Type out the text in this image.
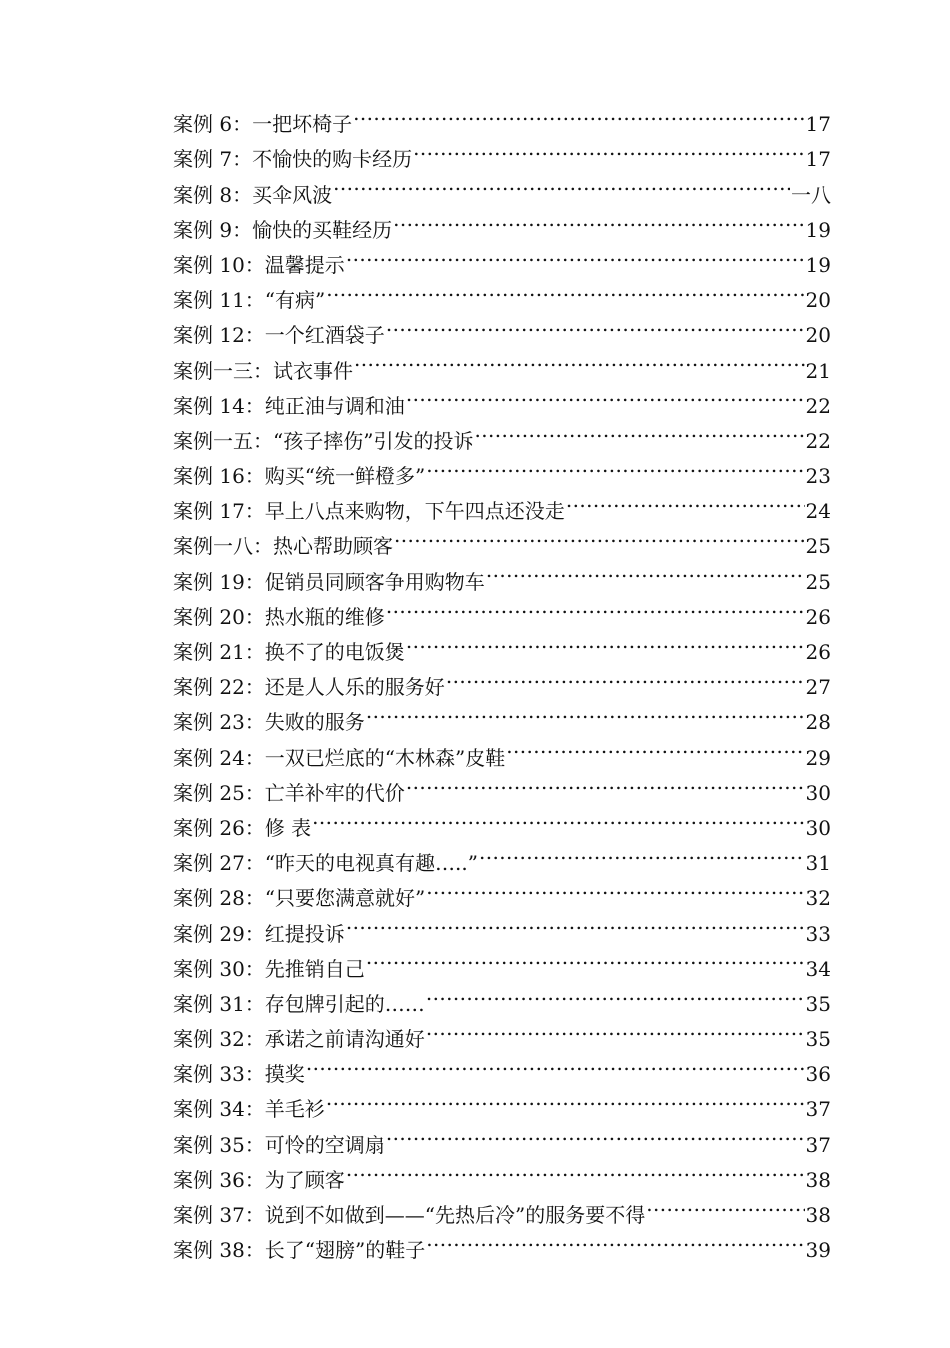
案例 6：一把坏椅子 .....	17
案例 7：不愉快的购卡经历 .....	17
案例 8：买伞风波 .....	一八
案例 9：愉快的买鞋经历 .....	19
案例 10：温馨提示 .....	19
案例 11：“有病” .....	20
案例 12：一个红酒袋子 .....	20
案例一三：试衣事件 .....	21
案例 14：纯正油与调和油 .....	22
案例一五：“孩子摔伤”引发的投诉 .....	22
案例 16：购买“统一鲜橙多” .....	23
案例 17：早上八点来购物，下午四点还没走 .....	24
案例一八：热心帮助顾客 .....	25
案例 19：促销员同顾客争用购物车 .....	25
案例 20：热水瓶的维修 .....	26
案例 21：换不了的电饭煲 .....	26
案例 22：还是人人乐的服务好 .....	27
案例 23：失败的服务 .....	28
案例 24：一双已烂底的“木林森”皮鞋 .....	29
案例 25：亡羊补牢的代价 .....	30
案例 26：修 表 .....	30
案例 27：“昨天的电视真有趣…..” .....	31
案例 28：“只要您满意就好” .....	32
案例 29：红提投诉 .....	33
案例 30：先推销自己 .....	34
案例 31：存包牌引起的…… .....	35
案例 32：承诺之前请沟通好 .....	35
案例 33：摸奖 .....	36
案例 34：羊毛衫 .....	37
案例 35：可怜的空调扇 .....	37
案例 36：为了顾客 .....	38
案例 37：说到不如做到——“先热后冷”的服务要不得 .....	38
案例 38：长了“翅膀”的鞋子 .....	39
